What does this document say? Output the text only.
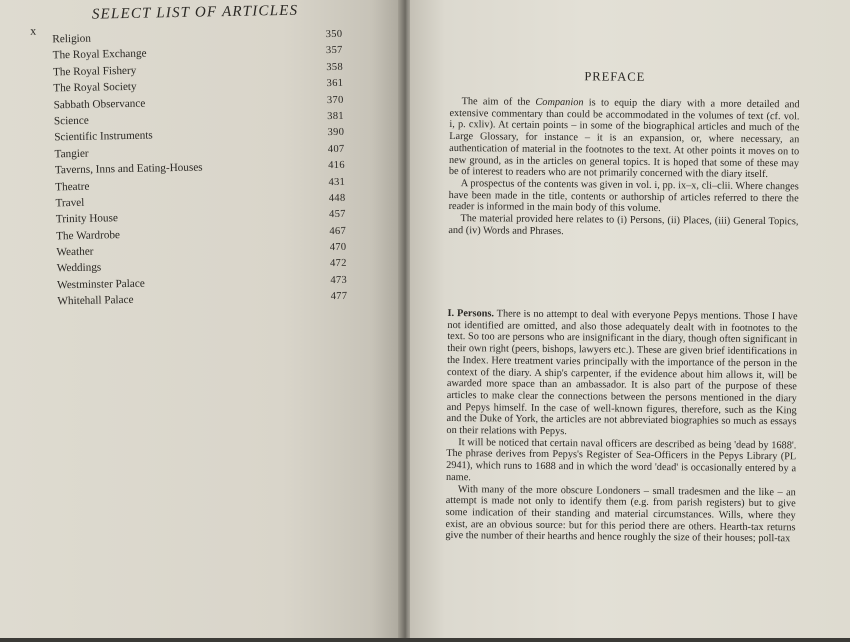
x
SELECT LIST OF ARTICLES
Religion	350
The Royal Exchange	357
The Royal Fishery	358
The Royal Society	361
Sabbath Observance	370
Science	381
Scientific Instruments	390
Tangier	407
Taverns, Inns and Eating-Houses	416
Theatre	431
Travel	448
Trinity House	457
The Wardrobe	467
Weather	470
Weddings	472
Westminster Palace	473
Whitehall Palace	477
PREFACE

The aim of the Companion is to equip the diary with a more detailed and extensive commentary than could be accommodated in the volumes of text (cf. vol. i, p. cxliv). At certain points – in some of the biographical articles and much of the Large Glossary, for instance – it is an expansion, or, where necessary, an authentication of material in the footnotes to the text. At other points it moves on to new ground, as in the articles on general topics. It is hoped that some of these may be of interest to readers who are not primarily concerned with the diary itself.

A prospectus of the contents was given in vol. i, pp. ix–x, cli–clii. Where changes have been made in the title, contents or authorship of articles referred to there the reader is informed in the main body of this volume.

The material provided here relates to (i) Persons, (ii) Places, (iii) General Topics, and (iv) Words and Phrases.

I. Persons. There is no attempt to deal with everyone Pepys mentions. Those I have not identified are omitted, and also those adequately dealt with in footnotes to the text. So too are persons who are insignificant in the diary, though often significant in their own right (peers, bishops, lawyers etc.). These are given brief identifications in the Index. Here treatment varies principally with the importance of the person in the context of the diary. A ship's carpenter, if the evidence about him allows it, will be awarded more space than an ambassador. It is also part of the purpose of these articles to make clear the connections between the persons mentioned in the diary and Pepys himself. In the case of well-known figures, therefore, such as the King and the Duke of York, the articles are not abbreviated biographies so much as essays on their relations with Pepys.

It will be noticed that certain naval officers are described as being 'dead by 1688'. The phrase derives from Pepys's Register of Sea-Officers in the Pepys Library (PL 2941), which runs to 1688 and in which the word 'dead' is occasionally entered by a name.

With many of the more obscure Londoners – small tradesmen and the like – an attempt is made not only to identify them (e.g. from parish registers) but to give some indication of their standing and material circumstances. Wills, where they exist, are an obvious source: but for this period there are others. Hearth-tax returns give the number of their hearths and hence roughly the size of their houses; poll-tax
